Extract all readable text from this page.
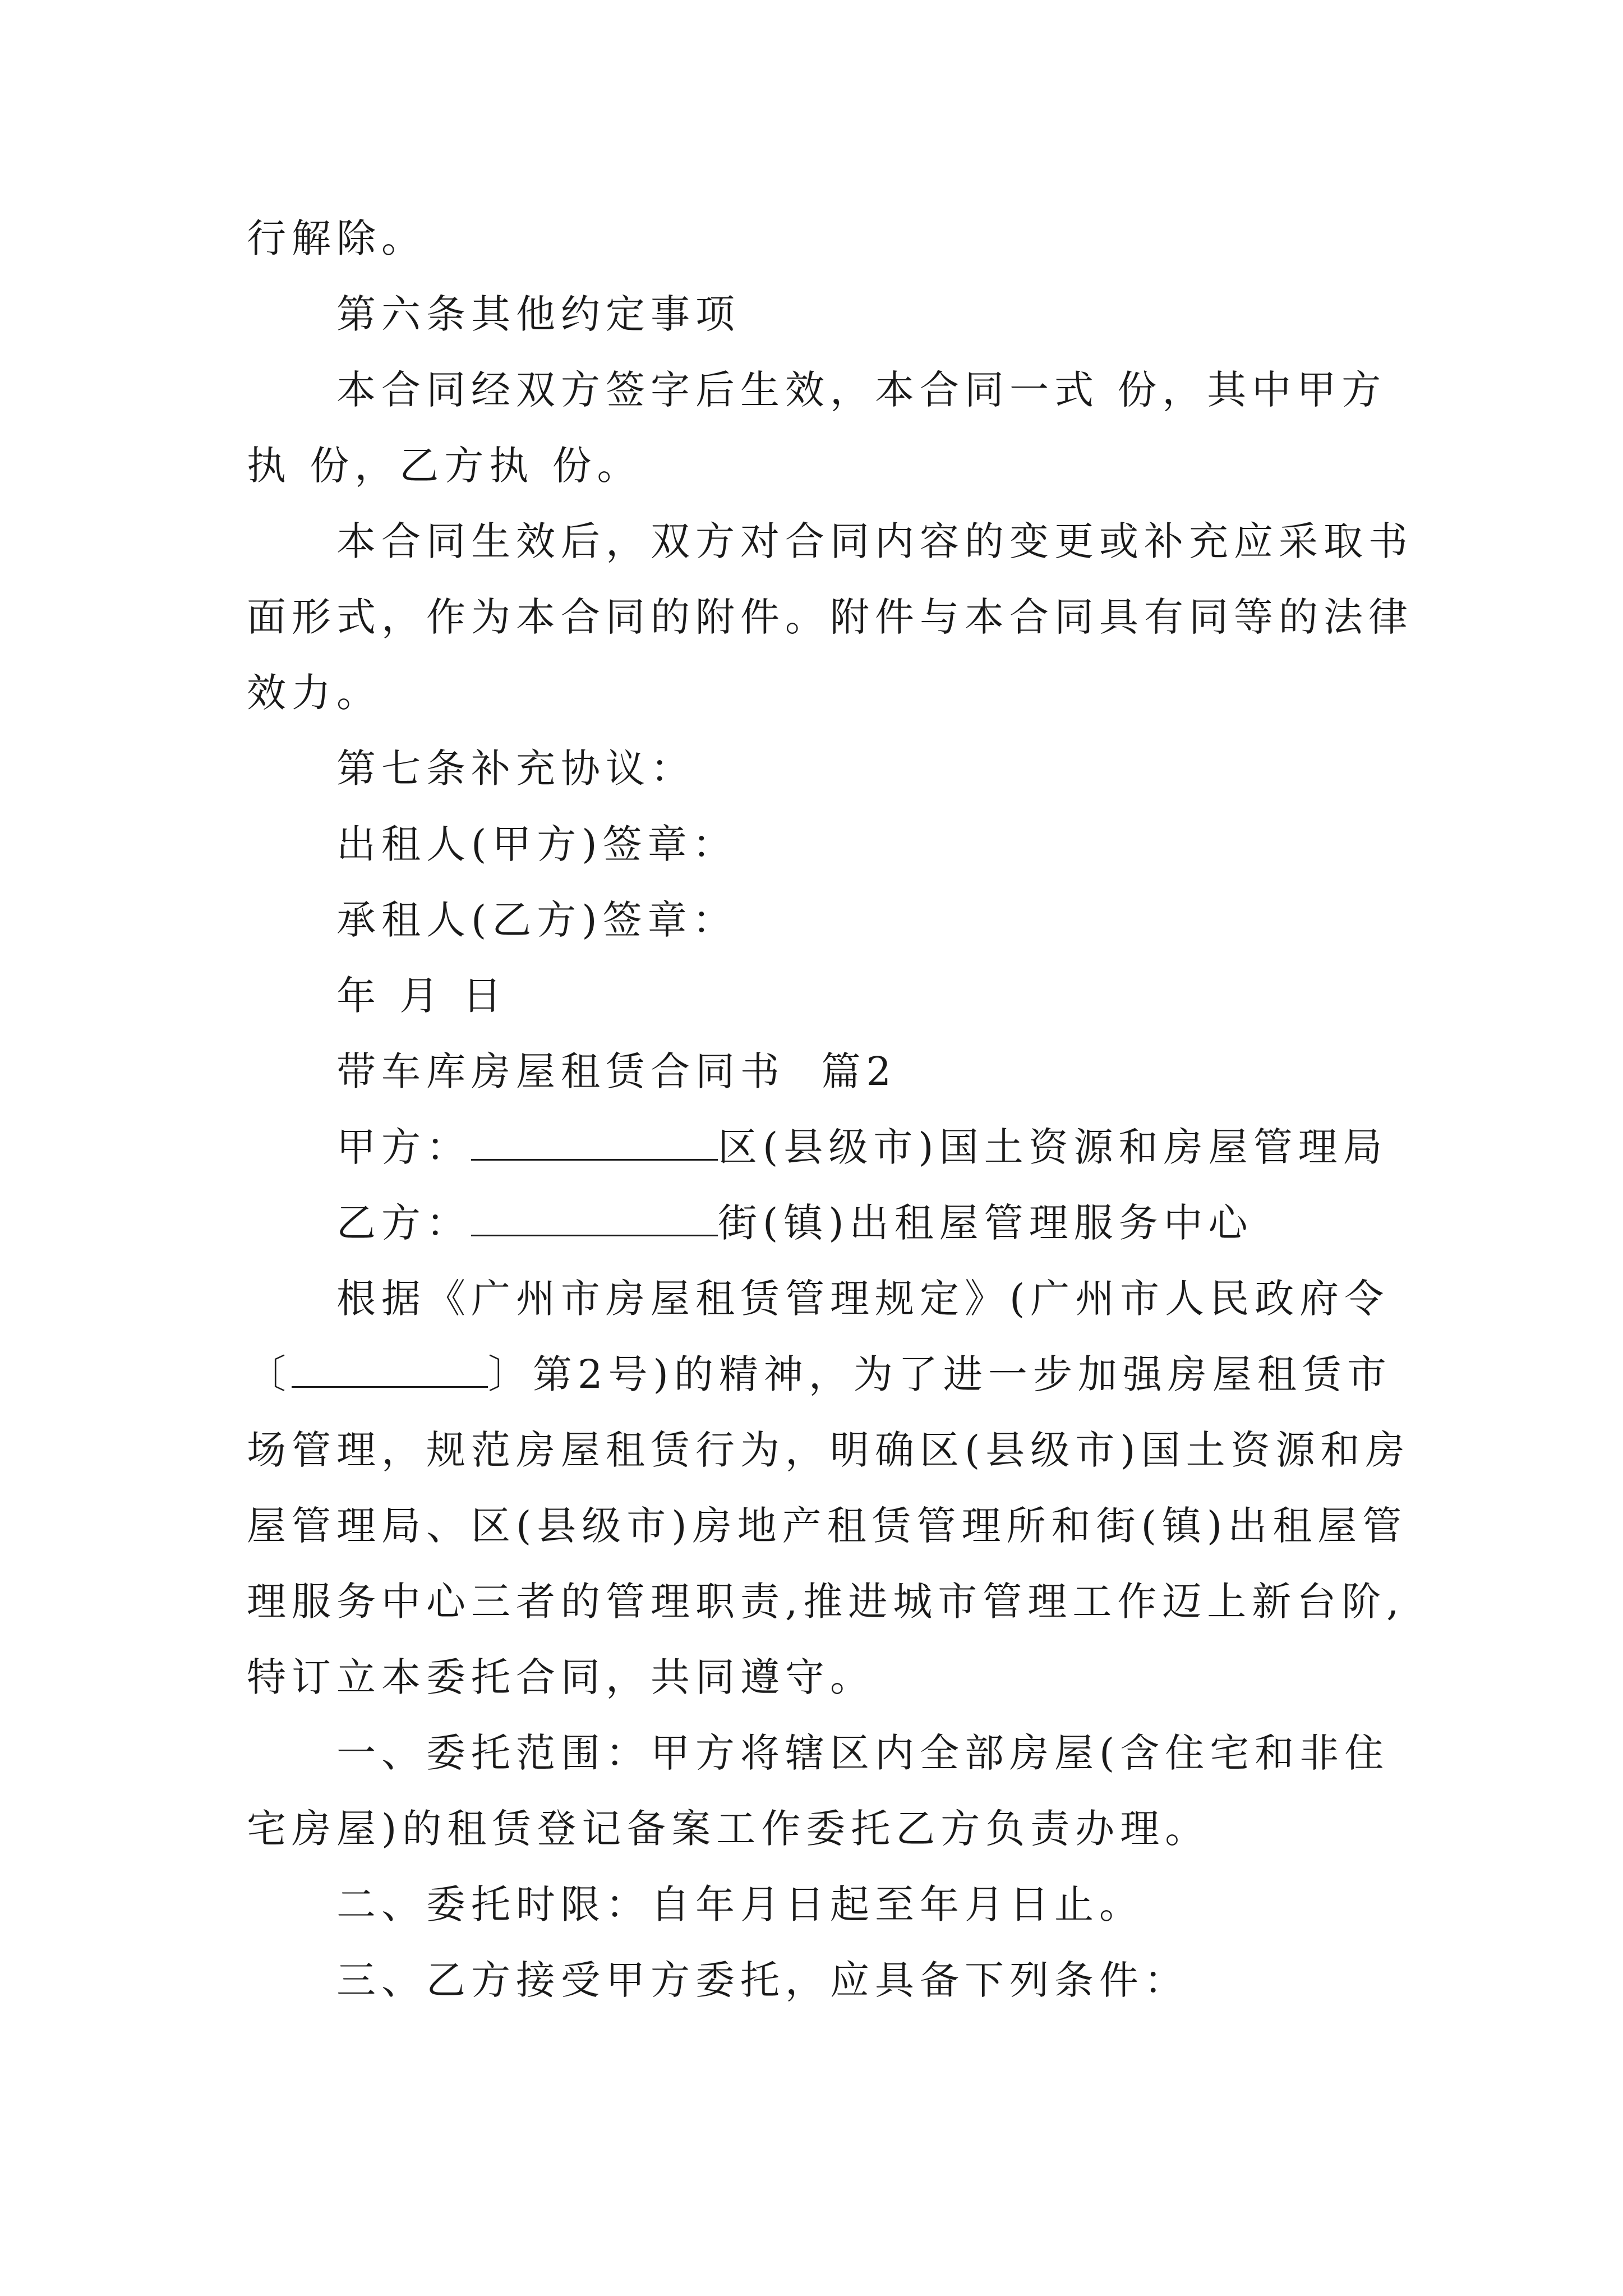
行解除。
第六条其他约定事项
本合同经双方签字后生效，本合同一式 份，其中甲方
执 份，乙方执 份。
本合同生效后，双方对合同内容的变更或补充应采取书
面形式，作为本合同的附件。附件与本合同具有同等的法律
效力。
第七条补充协议：
出租人(甲方)签章：
承租人(乙方)签章：
年 月 日
带车库房屋租赁合同书  篇2
甲方：	区(县级市)国土资源和房屋管理局
乙方：	街(镇)出租屋管理服务中心
根据《广州市房屋租赁管理规定》(广州市人民政府令
〔	〕第2号)的精神，为了进一步加强房屋租赁市
场管理，规范房屋租赁行为，明确区(县级市)国土资源和房
屋管理局、区(县级市)房地产租赁管理所和街(镇)出租屋管
理服务中心三者的管理职责,推进城市管理工作迈上新台阶,
特订立本委托合同，共同遵守。
一、委托范围：甲方将辖区内全部房屋(含住宅和非住
宅房屋)的租赁登记备案工作委托乙方负责办理。
二、委托时限：自年月日起至年月日止。
三、乙方接受甲方委托，应具备下列条件：
